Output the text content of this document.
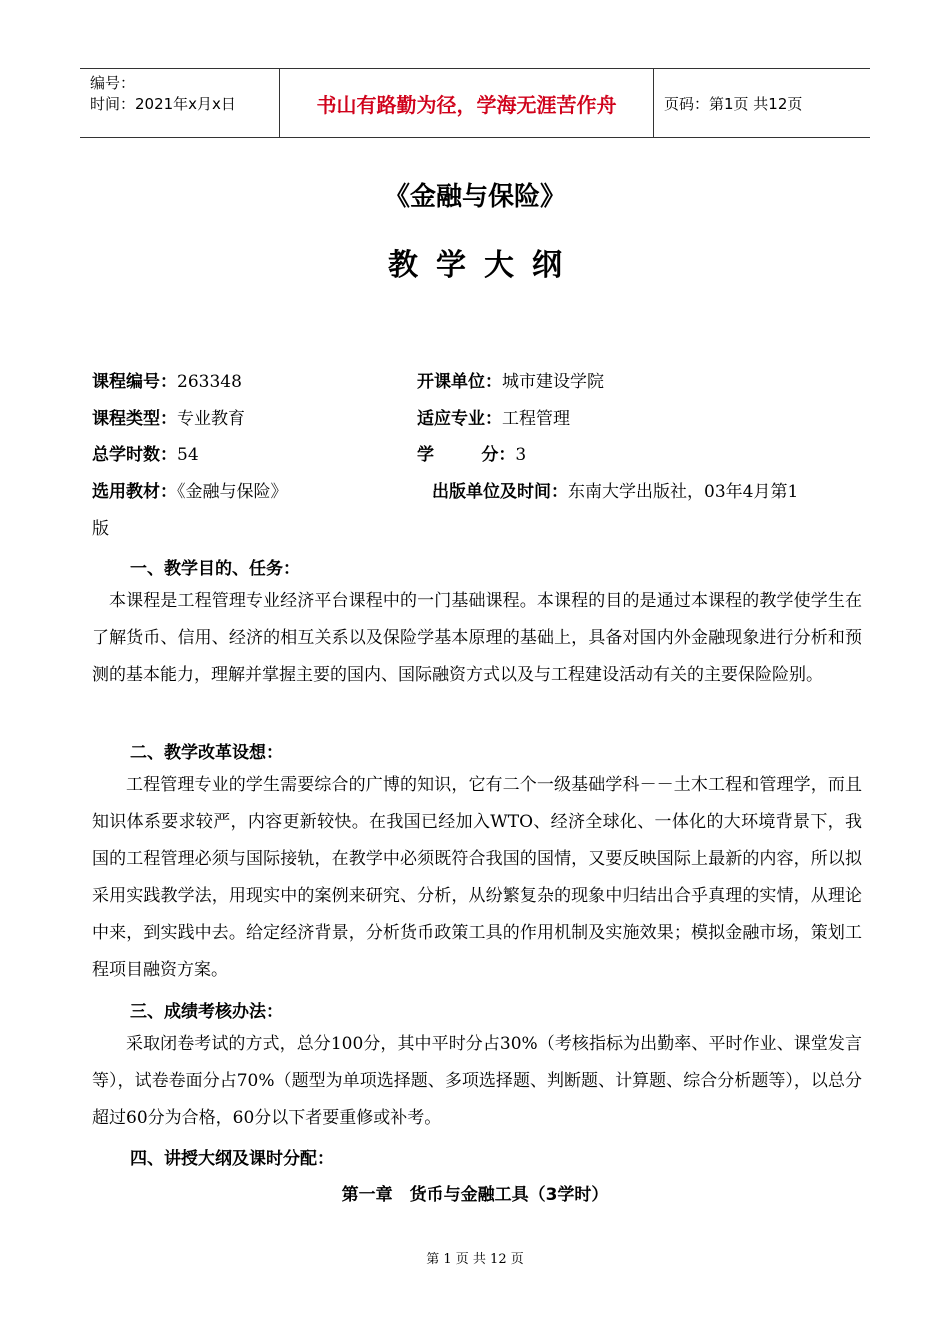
编号：
时间：2021年x月x日	书山有路勤为径，学海无涯苦作舟	页码：第1页 共12页
《金融与保险》
教学大纲
课程编号：263348	开课单位：城市建设学院
课程类型：专业教育	适应专业：工程管理
总学时数：54	学        分：3
选用教材：《金融与保险》	出版单位及时间：东南大学出版社，03年4月第1
版
一、教学目的、任务：
本课程是工程管理专业经济平台课程中的一门基础课程。本课程的目的是通过本课程的教学使学生在了解货币、信用、经济的相互关系以及保险学基本原理的基础上，具备对国内外金融现象进行分析和预测的基本能力，理解并掌握主要的国内、国际融资方式以及与工程建设活动有关的主要保险险别。
二、教学改革设想：
工程管理专业的学生需要综合的广博的知识，它有二个一级基础学科－－土木工程和管理学，而且知识体系要求较严，内容更新较快。在我国已经加入WTO、经济全球化、一体化的大环境背景下，我国的工程管理必须与国际接轨，在教学中必须既符合我国的国情，又要反映国际上最新的内容，所以拟采用实践教学法，用现实中的案例来研究、分析，从纷繁复杂的现象中归结出合乎真理的实情，从理论中来，到实践中去。给定经济背景，分析货币政策工具的作用机制及实施效果；模拟金融市场，策划工程项目融资方案。
三、成绩考核办法：
采取闭卷考试的方式，总分100分，其中平时分占30%（考核指标为出勤率、平时作业、课堂发言等），试卷卷面分占70%（题型为单项选择题、多项选择题、判断题、计算题、综合分析题等），以总分超过60分为合格，60分以下者要重修或补考。
四、讲授大纲及课时分配：
第一章　货币与金融工具（3学时）
第 1 页 共 12 页
